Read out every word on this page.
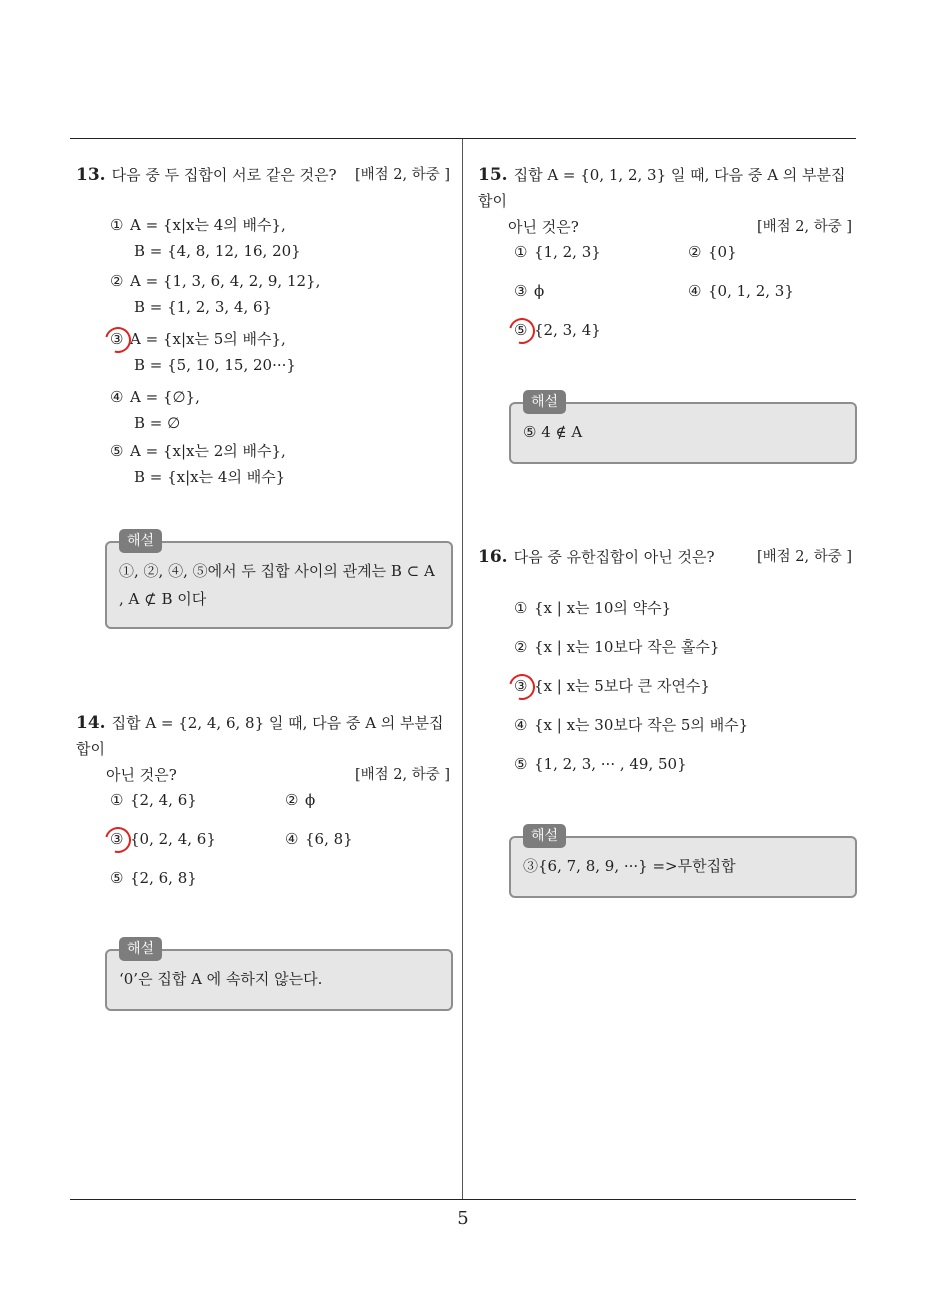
13. 다음 중 두 집합이 서로 같은 것은? [배점 2, 하중 ]
① A = {x|x는 4의 배수},
B = {4, 8, 12, 16, 20}
② A = {1, 3, 6, 4, 2, 9, 12},
B = {1, 2, 3, 4, 6}
③ A = {x|x는 5의 배수},
B = {5, 10, 15, 20···}
④ A = {∅},
B = ∅
⑤ A = {x|x는 2의 배수},
B = {x|x는 4의 배수}
해설
①, ②, ④, ⑤에서 두 집합 사이의 관계는 B ⊂ A
, A ⊄ B 이다
14. 집합 A = {2, 4, 6, 8} 일 때, 다음 중 A 의 부분집합이
아닌 것은?	[배점 2, 하중 ]
① {2, 4, 6}	② ϕ
③ {0, 2, 4, 6}	④ {6, 8}
⑤ {2, 6, 8}
해설
‘0’은 집합 A 에 속하지 않는다.
15. 집합 A = {0, 1, 2, 3} 일 때, 다음 중 A 의 부분집합이
아닌 것은?	[배점 2, 하중 ]
① {1, 2, 3}	② {0}
③ ϕ	④ {0, 1, 2, 3}
⑤ {2, 3, 4}
해설
⑤ 4 ∉ A
16. 다음 중 유한집합이 아닌 것은?	[배점 2, 하중 ]
① {x | x는 10의 약수}
② {x | x는 10보다 작은 홀수}
③ {x | x는 5보다 큰 자연수}
④ {x | x는 30보다 작은 5의 배수}
⑤ {1, 2, 3, ··· , 49, 50}
해설
③{6, 7, 8, 9, ···} =>무한집합
5
